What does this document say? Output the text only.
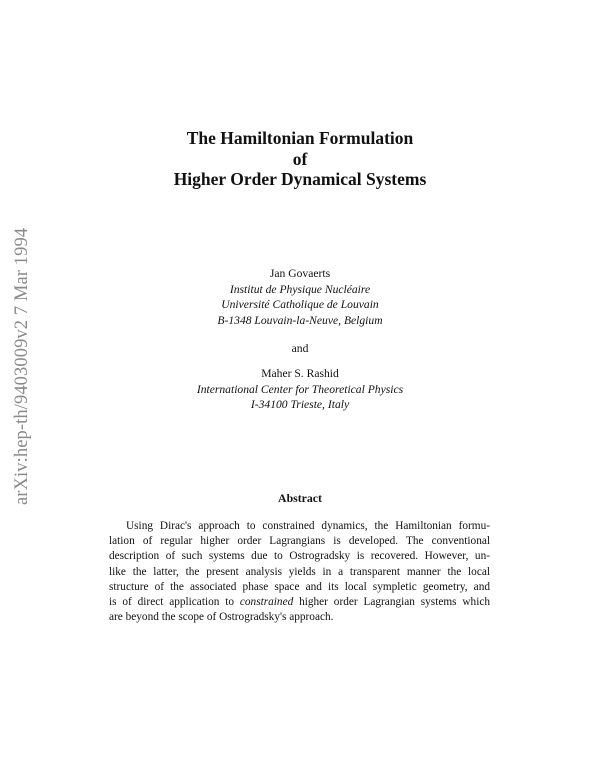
arXiv:hep-th/9403009v2 7 Mar 1994
The Hamiltonian Formulation
of
Higher Order Dynamical Systems
Jan Govaerts
Institut de Physique Nucléaire
Université Catholique de Louvain
B-1348 Louvain-la-Neuve, Belgium
and
Maher S. Rashid
International Center for Theoretical Physics
I-34100 Trieste, Italy
Abstract
Using Dirac's approach to constrained dynamics, the Hamiltonian formu-
lation of regular higher order Lagrangians is developed. The conventional
description of such systems due to Ostrogradsky is recovered. However, un-
like the latter, the present analysis yields in a transparent manner the local
structure of the associated phase space and its local sympletic geometry, and
is of direct application to constrained higher order Lagrangian systems which
are beyond the scope of Ostrogradsky's approach.
